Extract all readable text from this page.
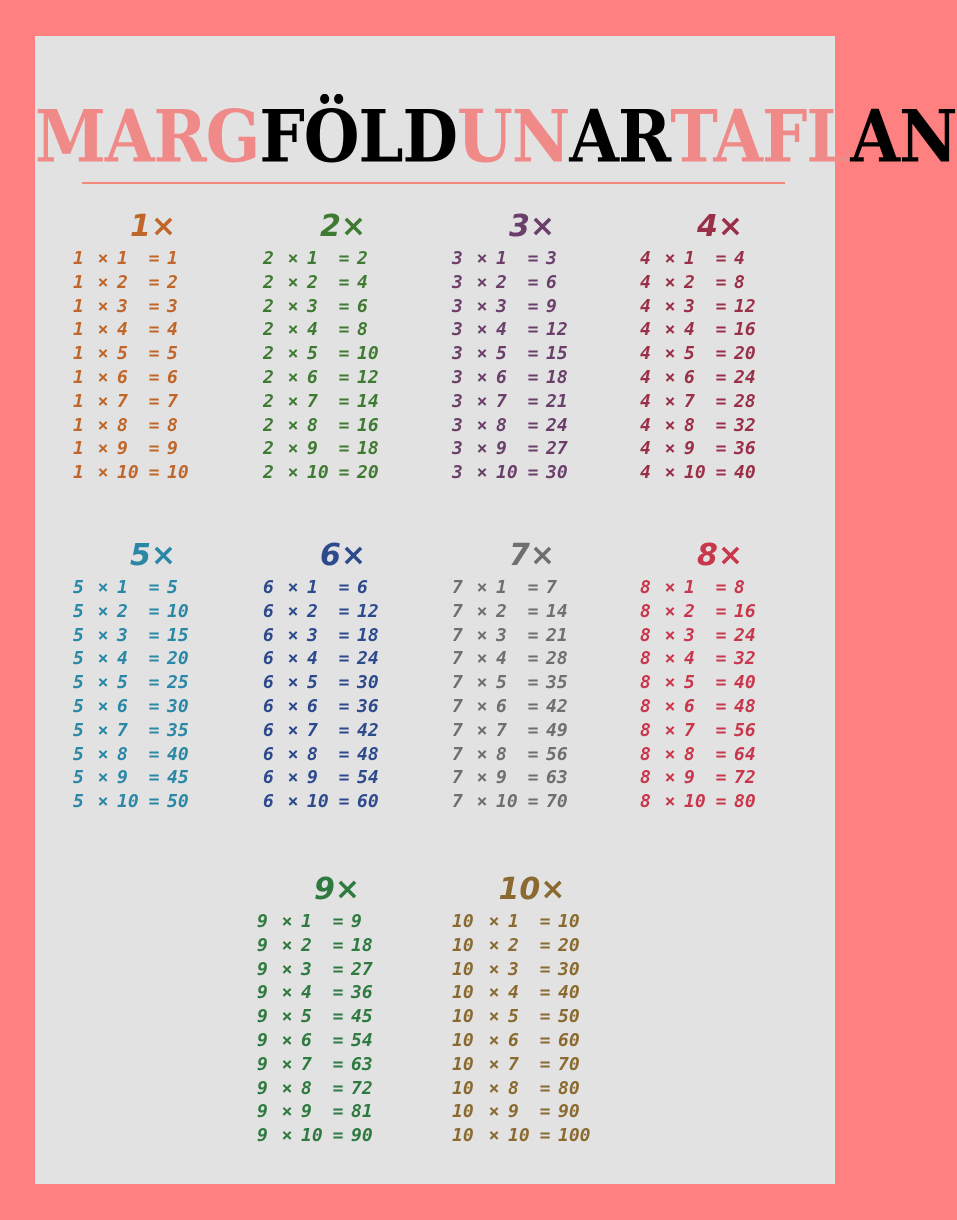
MARGFÖLDUNARTAFLAN
1×
1 × 1	= 1
1 × 2	= 2
1 × 3	= 3
1 × 4	= 4
1 × 5	= 5
1 × 6	= 6
1 × 7	= 7
1 × 8	= 8
1 × 9	= 9
1 × 10 = 10
2×
2 × 1	= 2
2 × 2	= 4
2 × 3	= 6
2 × 4	= 8
2 × 5	= 10
2 × 6	= 12
2 × 7	= 14
2 × 8	= 16
2 × 9	= 18
2 × 10 = 20
3×
3 × 1	= 3
3 × 2	= 6
3 × 3	= 9
3 × 4	= 12
3 × 5	= 15
3 × 6	= 18
3 × 7	= 21
3 × 8	= 24
3 × 9	= 27
3 × 10 = 30
4×
4 × 1	= 4
4 × 2	= 8
4 × 3	= 12
4 × 4	= 16
4 × 5	= 20
4 × 6	= 24
4 × 7	= 28
4 × 8	= 32
4 × 9	= 36
4 × 10 = 40
5×
5 × 1	= 5
5 × 2	= 10
5 × 3	= 15
5 × 4	= 20
5 × 5	= 25
5 × 6	= 30
5 × 7	= 35
5 × 8	= 40
5 × 9	= 45
5 × 10 = 50
6×
6 × 1	= 6
6 × 2	= 12
6 × 3	= 18
6 × 4	= 24
6 × 5	= 30
6 × 6	= 36
6 × 7	= 42
6 × 8	= 48
6 × 9	= 54
6 × 10 = 60
7×
7 × 1	= 7
7 × 2	= 14
7 × 3	= 21
7 × 4	= 28
7 × 5	= 35
7 × 6	= 42
7 × 7	= 49
7 × 8	= 56
7 × 9	= 63
7 × 10 = 70
8×
8 × 1	= 8
8 × 2	= 16
8 × 3	= 24
8 × 4	= 32
8 × 5	= 40
8 × 6	= 48
8 × 7	= 56
8 × 8	= 64
8 × 9	= 72
8 × 10 = 80
9×
9 × 1	= 9
9 × 2	= 18
9 × 3	= 27
9 × 4	= 36
9 × 5	= 45
9 × 6	= 54
9 × 7	= 63
9 × 8	= 72
9 × 9	= 81
9 × 10 = 90
10×
10 × 1	= 10
10 × 2	= 20
10 × 3	= 30
10 × 4	= 40
10 × 5	= 50
10 × 6	= 60
10 × 7	= 70
10 × 8	= 80
10 × 9	= 90
10 × 10 = 100
